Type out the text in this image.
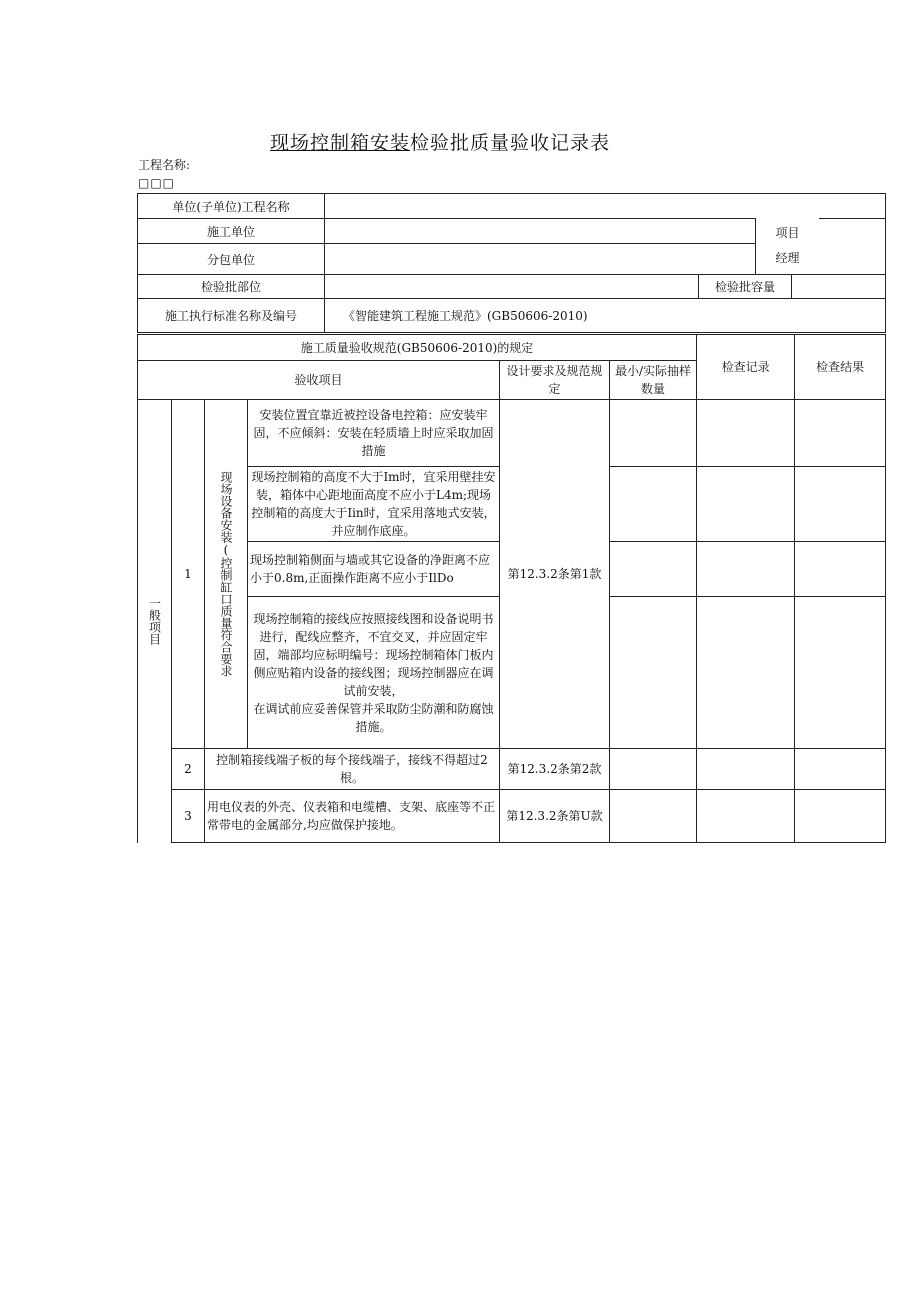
现场控制箱安装检验批质量验收记录表
工程名称:
□□□
单位(子单位)工程名称			
施工单位			
分包单位			
检验批部位		检验批容量	
施工执行标准名称及编号	《智能建筑工程施工规范》(GB50606-2010)		
项目
经理
施工质量验收规范(GB50606-2010)的规定						检查记录	检查结果
验收项目				设计要求及规范规定	最小/实际抽样数量		

一般项目	1	现场设备安装(控制缸口质量符合要求	安装位置宜靠近被控设备电控箱：应安装牢固，不应倾斜：安装在轻质墙上时应采取加固措施	第12.3.2条第1款			
			现场控制箱的高度不大于Im时，宜采用壁挂安装，箱体中心距地面高度不应小于L4m;现场控制箱的高度大于Iin时，宜采用落地式安装，并应制作底座。				
			现场控制箱侧面与墙或其它设备的净距离不应小于0.8m,正面操作距离不应小于IlDo				

			现场控制箱的接线应按照接线图和设备说明书进行，配线应整齐，不宜交叉，并应固定牢固，端部均应标明编号：现场控制箱体门板内侧应贴箱内设备的接线图；现场控制器应在调试前安装，
在调试前应妥善保管并采取防尘防潮和防腐蚀措施。				

	2	控制箱接线端子板的每个接线端子，接线不得超过2根。		第12.3.2条第2款			
	3	用电仪表的外壳、仪表箱和电缆槽、支架、底座等不正常带电的金属部分,均应做保护接地。		第12.3.2条第U款			
